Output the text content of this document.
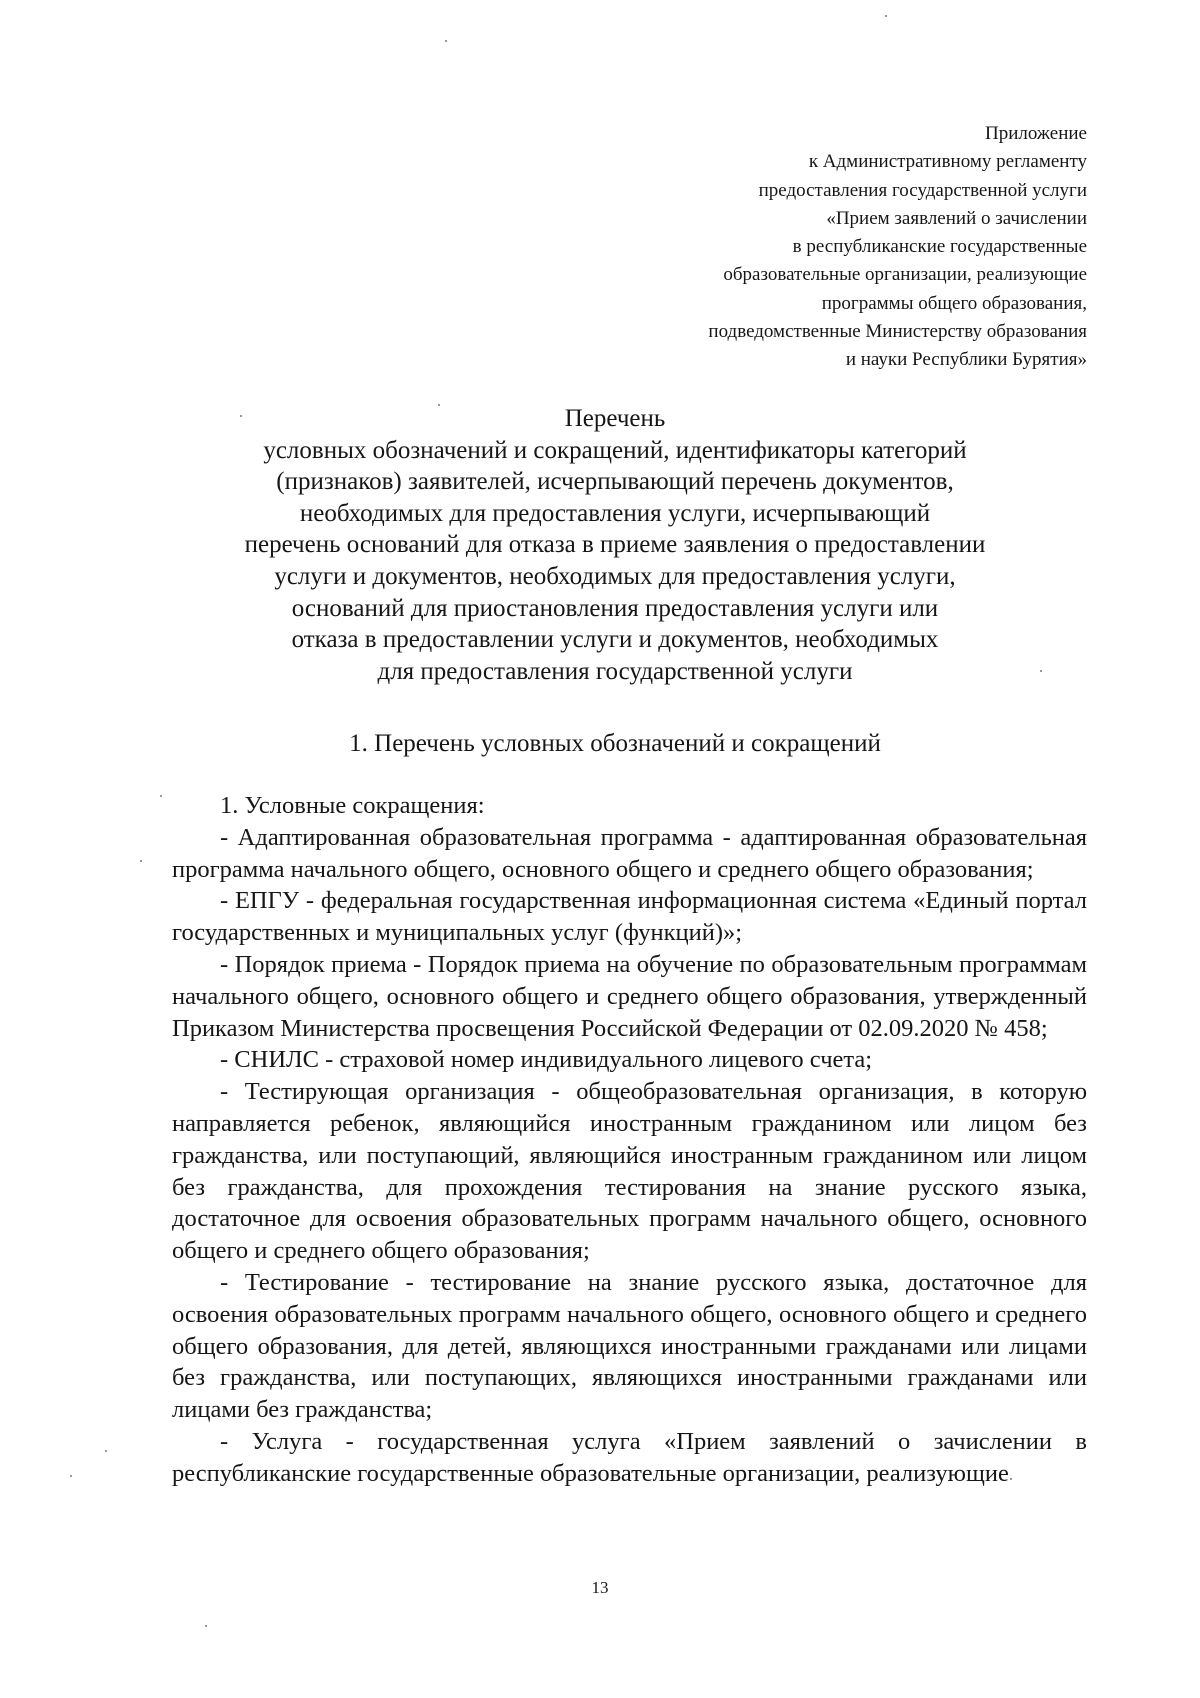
Приложение
к Административному регламенту
предоставления государственной услуги
«Прием заявлений о зачислении
в республиканские государственные
образовательные организации, реализующие
программы общего образования,
подведомственные Министерству образования
и науки Республики Бурятия»
Перечень
условных обозначений и сокращений, идентификаторы категорий
(признаков) заявителей, исчерпывающий перечень документов,
необходимых для предоставления услуги, исчерпывающий
перечень оснований для отказа в приеме заявления о предоставлении
услуги и документов, необходимых для предоставления услуги,
оснований для приостановления предоставления услуги или
отказа в предоставлении услуги и документов, необходимых
для предоставления государственной услуги
1. Перечень условных обозначений и сокращений

1. Условные сокращения:

- Адаптированная образовательная программа - адаптированная образовательная программа начального общего, основного общего и среднего общего образования;

- ЕПГУ - федеральная государственная информационная система «Единый портал государственных и муниципальных услуг (функций)»;

- Порядок приема - Порядок приема на обучение по образовательным программам начального общего, основного общего и среднего общего образования, утвержденный Приказом Министерства просвещения Российской Федерации от 02.09.2020 № 458;

- СНИЛС - страховой номер индивидуального лицевого счета;

- Тестирующая организация - общеобразовательная организация, в которую направляется ребенок, являющийся иностранным гражданином или лицом без гражданства, или поступающий, являющийся иностранным гражданином или лицом без гражданства, для прохождения тестирования на знание русского языка, достаточное для освоения образовательных программ начального общего, основного общего и среднего общего образования;

- Тестирование - тестирование на знание русского языка, достаточное для освоения образовательных программ начального общего, основного общего и среднего общего образования, для детей, являющихся иностранными гражданами или лицами без гражданства, или поступающих, являющихся иностранными гражданами или лицами без гражданства;

- Услуга - государственная услуга «Прием заявлений о зачислении в республиканские государственные образовательные организации, реализующие

13
